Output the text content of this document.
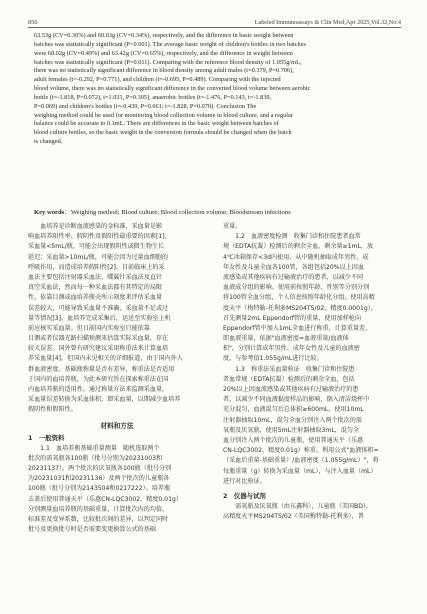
856	Labeled Immunoassays & Clin Med,Apr 2025,Vol.32,No.4
63.53g (CV=0.30%) and 60.03g (CV=0.34%), respectively, and the difference in basic weight between
batches was statistically significant (P<0.001). The average basic weight of children's bottles in two batches
were 68.02g (CV=0.49%) and 63.42g (CV=0.65%), respectively, and the difference in weight between
batches was statistically significant (P=0.011). Comparing with the reference blood density of 1.055g/mL,
there was no statistically significant difference in blood density among adult males (t=0.379, P=0.706),
adult females (t=-0.292, P=0.771), and children (t=-0.695, P=0.489). Comparing with the injected
blood volume, there was no statistically significant difference in the converted blood volume between aerobic
bottle (t=-1.818, P=0.072), t=1.031, P=0.305), anaerobic bottles (t=-1.476, P=0.143, t=-1.839,
P=0.069) and children's bottles (t=-0.439, P=0.661; t=-1.828, P=0.070). Conclusion The
weighing method could be used for monitoring blood collection volume in blood culture, and a regular
balance could be accurate to 0.1mL. There are differences in the basic weight between batches of
blood culture bottles, so the basic weight in the conversion formula should be changed when the batch
is changed.
Key words：Weighing method; Blood culture; Blood collection volume; Bloodstream infections
　　血培养是诊断血流感染的金标准，采血量是影
响血培养阳性率、假阴性及假阳性最重要的因素[1]。
采血量<5mL/瓶，可能会出现假阴性或微生物生长
延迟；采血量>10mL/瓶，可能会因为过量血细胞的
呼吸作用，而造成培养假阳性[2]。目前临床上的采
血法主要包括注射器采血法、蝶翼针采血法及直针
真空采血法，然而每一种采血法都有其特定的局限
性，依靠目测或血培养瓶壳所示刻度来评估采血量
误差较大，可能导致采血量不准确，采血量不足或过
量等情况[3]。血培养完成采集后，运送至实验室上机
前应核实采血量。但日前国内实验室只能依靠
目测或者仪器光路扫描预测来估算实际采血量，存在
较大误差。国外曾有研究建议采用称重法来计算血培
养采血量[4]，但国内未见相关的详细报道，由于国内外人
群血液密度、基础瓶称量是否有差异，称重法是否适用
于国内的血培养瓶，为此本研究旨在探索称重法在国
内血培养瓶的适用性，通过称量方法来监测采血量，
采血量误差转换为采血体积，即采血量，以期减少血培养
假阴性和假阳性。
材料和方法
1　一般资料
　　1.1　血培养瓶基础重量测量　随机选取两个
批次的需氧瓶各100瓶（批号分别为20231003和
20231137），两个批次的厌氧瓶各100瓶（批号分别
为20231031和20231136）及两个批次的儿童瓶各
100瓶（批号分别为2143504和0217222）。培养瓶
去盖后使用普通天平（乐惠CN-LQC3002，精度0.01g）
分别测量血培养瓶的基础重量，计算批次内的均值、
标准差及变异系数，比较批次间的差异，以判定同时
批号及更换批号时是否需要变更换算公式的基础
重量。
　　1.2　血液密度检测　收集门诊和住院患者血常
规（EDTA抗凝）检测后的剩余全血，剩余量≥1mL，放
4℃冰箱保存<3d内使用，从中随机抽取成年男性，成
年女性及儿童全血各100管，各组包括20%以上因血
流感染或其他疾病有过输液治疗的患者，以减少不同
血液成分组的影响。使用前按照年龄、性别等分别分别
将100管全血分组，个人信息按照年龄化分组。使用高精
度天平（梅特勒-托利多MS204TS/02，精度0.0001g），
首先测量2mL Eppendorf管的重量，使用加样枪向
Eppendorf管中加入1mL全血进行称重，计算重量差，
即血液重量，依据"血液密度=血液重量/血液体
积"，分别计算成年男性、成年女性及儿童的血液密
度，与参考值1.055g/mL进行比较。
　　1.3　称重法采血量验证　收集门诊和住院患
者血常规（EDTA抗凝）检测后的剩余全血，包括
20%以上因血流感染或其他疾病有过输液治疗的患
者，以减少不同血液黏度样品的影响，倒入清洁烧杯中
充分混匀，血液混匀后总体积≥600mL。使用10mL
注射器抽取10mL，混匀全血分别注入两个批次的需
氧瓶及厌氧瓶，使用5mL注射器抽取3mL，混匀全
血分别注入两个批次的儿童瓶，使用普通天平（乐惠
CN-LQC3002，精度0.01g）称重，利用公式"血液体积=
（采血后重量-基础重量）/血液密度（1.055g/mL）"，将
每瓶重量（g）转换为采血量（mL），与注入血量（mL）
进行对比验证。
2　仪器与试剂
　　需氧瓶及厌氧瓶（由东鑫科），儿童瓶（美国BD），
高精度天平MS204TS/02（美国梅特勒-托利多），普
